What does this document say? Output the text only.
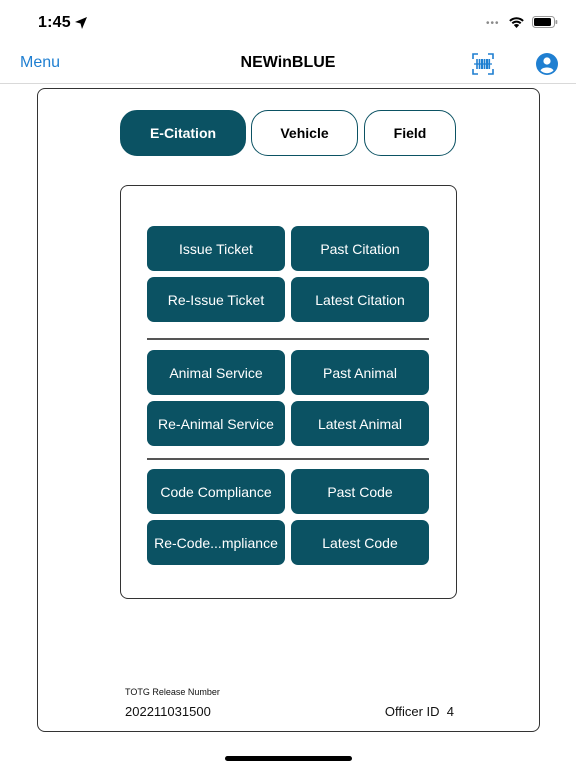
1:45	•••
Menu	NEWinBLUE
E-Citation	Vehicle	Field
Issue Ticket	Past Citation
Re-Issue Ticket	Latest Citation
Animal Service	Past Animal
Re-Animal Service	Latest Animal
Code Compliance	Past Code
Re-Code...mpliance	Latest Code
TOTG Release Number
202211031500	Officer ID 4
